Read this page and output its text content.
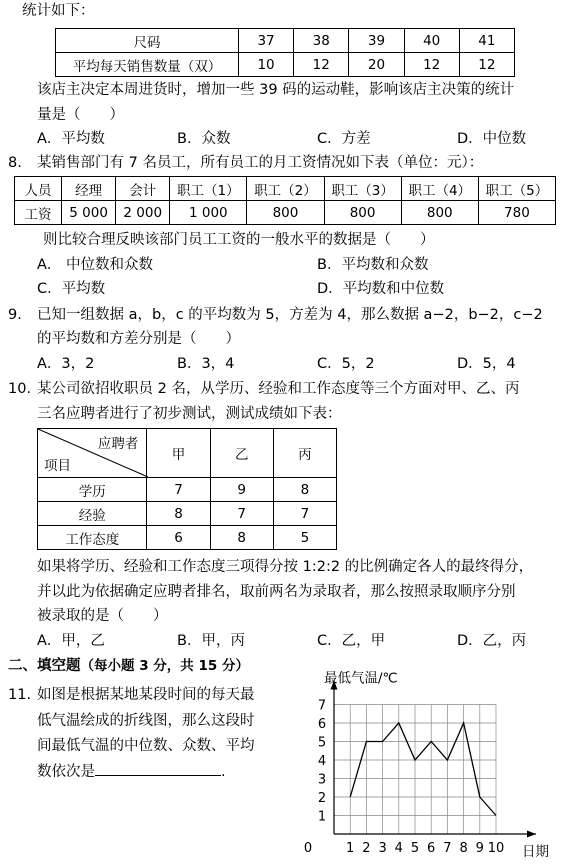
统计如下：
尺码	37	38	39	40	41
平均每天销售数量（双）	10	12	20	12	12
该店主决定本周进货时，增加一些 39 码的运动鞋，影响该店主决策的统计
量是（　　）
A．平均数	B．众数	C．方差	D．中位数
8. 某销售部门有 7 名员工，所有员工的月工资情况如下表（单位：元）：
人员	经理	会计	职工（1）	职工（2）	职工（3）	职工（4）	职工（5）
工资	5 000	2 000	1 000	800	800	800	780
则比较合理反映该部门员工工资的一般水平的数据是（　　）
A． 中位数和众数	B．平均数和众数
C．平均数	D．平均数和中位数
9. 已知一组数据 a，b，c 的平均数为 5，方差为 4，那么数据 a−2，b−2，c−2
的平均数和方差分别是（　　）
A．3，2	B．3，4	C．5，2	D．5，4
10. 某公司欲招收职员 2 名，从学历、经验和工作态度等三个方面对甲、乙、丙
三名应聘者进行了初步测试，测试成绩如下表：
应聘者
项目	甲	乙	丙
学历	7	9	8
经验	8	7	7
工作态度	6	8	5
如果将学历、经验和工作态度三项得分按 1:2:2 的比例确定各人的最终得分，
并以此为依据确定应聘者排名，取前两名为录取者，那么按照录取顺序分别
被录取的是（　　）
A．甲，乙	B．甲，丙	C．乙，甲	D．乙，丙
二、填空题（每小题 3 分，共 15 分）
11. 如图是根据某地某段时间的每天最
低气温绘成的折线图，那么这段时
间最低气温的中位数、众数、平均
数依次是	.
1
2
3
4
5
6
7
1 2 3 4 5 6 7 8 9 10
0
最低气温/℃
日期
